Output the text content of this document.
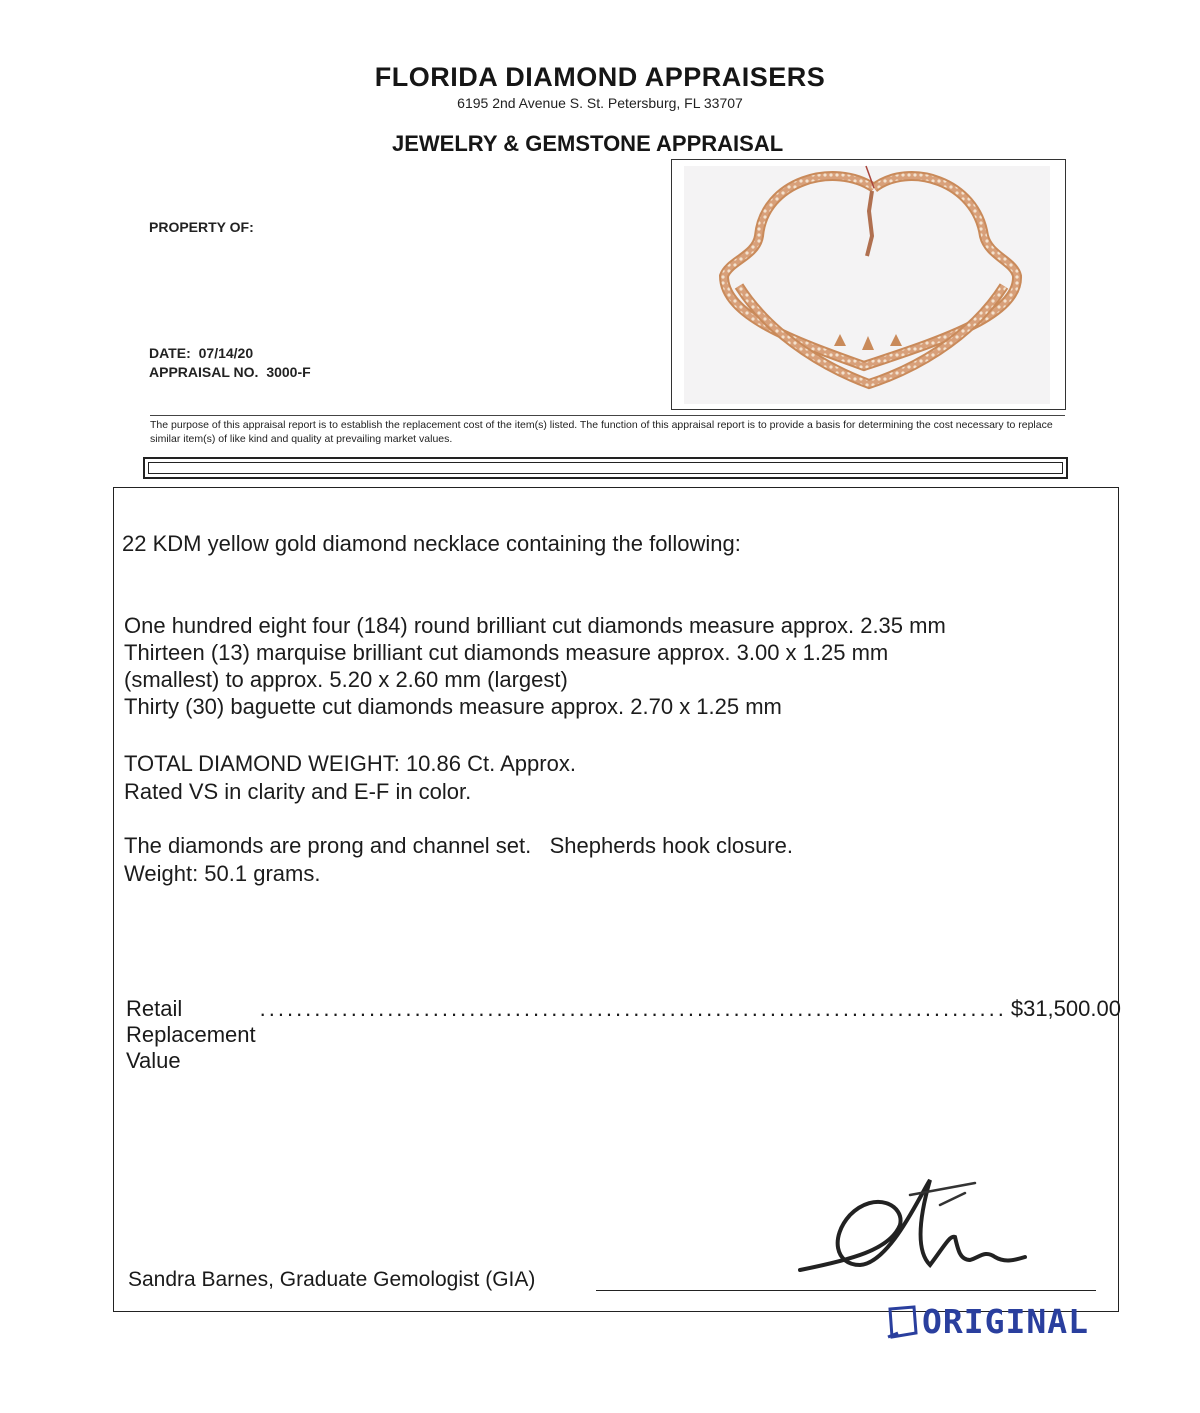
FLORIDA DIAMOND APPRAISERS
6195 2nd Avenue S. St. Petersburg, FL 33707
JEWELRY & GEMSTONE APPRAISAL
PROPERTY OF:
DATE: 07/14/20
APPRAISAL NO. 3000-F
The purpose of this appraisal report is to establish the replacement cost of the item(s) listed. The function of this appraisal report is to provide a basis for determining the cost necessary to replace similar item(s) of like kind and quality at prevailing market values.
22 KDM yellow gold diamond necklace containing the following:
One hundred eight four (184) round brilliant cut diamonds measure approx. 2.35 mm
Thirteen (13) marquise brilliant cut diamonds measure approx. 3.00 x 1.25 mm
(smallest) to approx. 5.20 x 2.60 mm (largest)
Thirty (30) baguette cut diamonds measure approx. 2.70 x 1.25 mm
TOTAL DIAMOND WEIGHT: 10.86 Ct. Approx.
Rated VS in clarity and E-F in color.
The diamonds are prong and channel set.   Shepherds hook closure.
Weight: 50.1 grams.
Retail Replacement Value
.................................................................................. $31,500.00
Sandra Barnes, Graduate Gemologist (GIA)
ORIGINAL
